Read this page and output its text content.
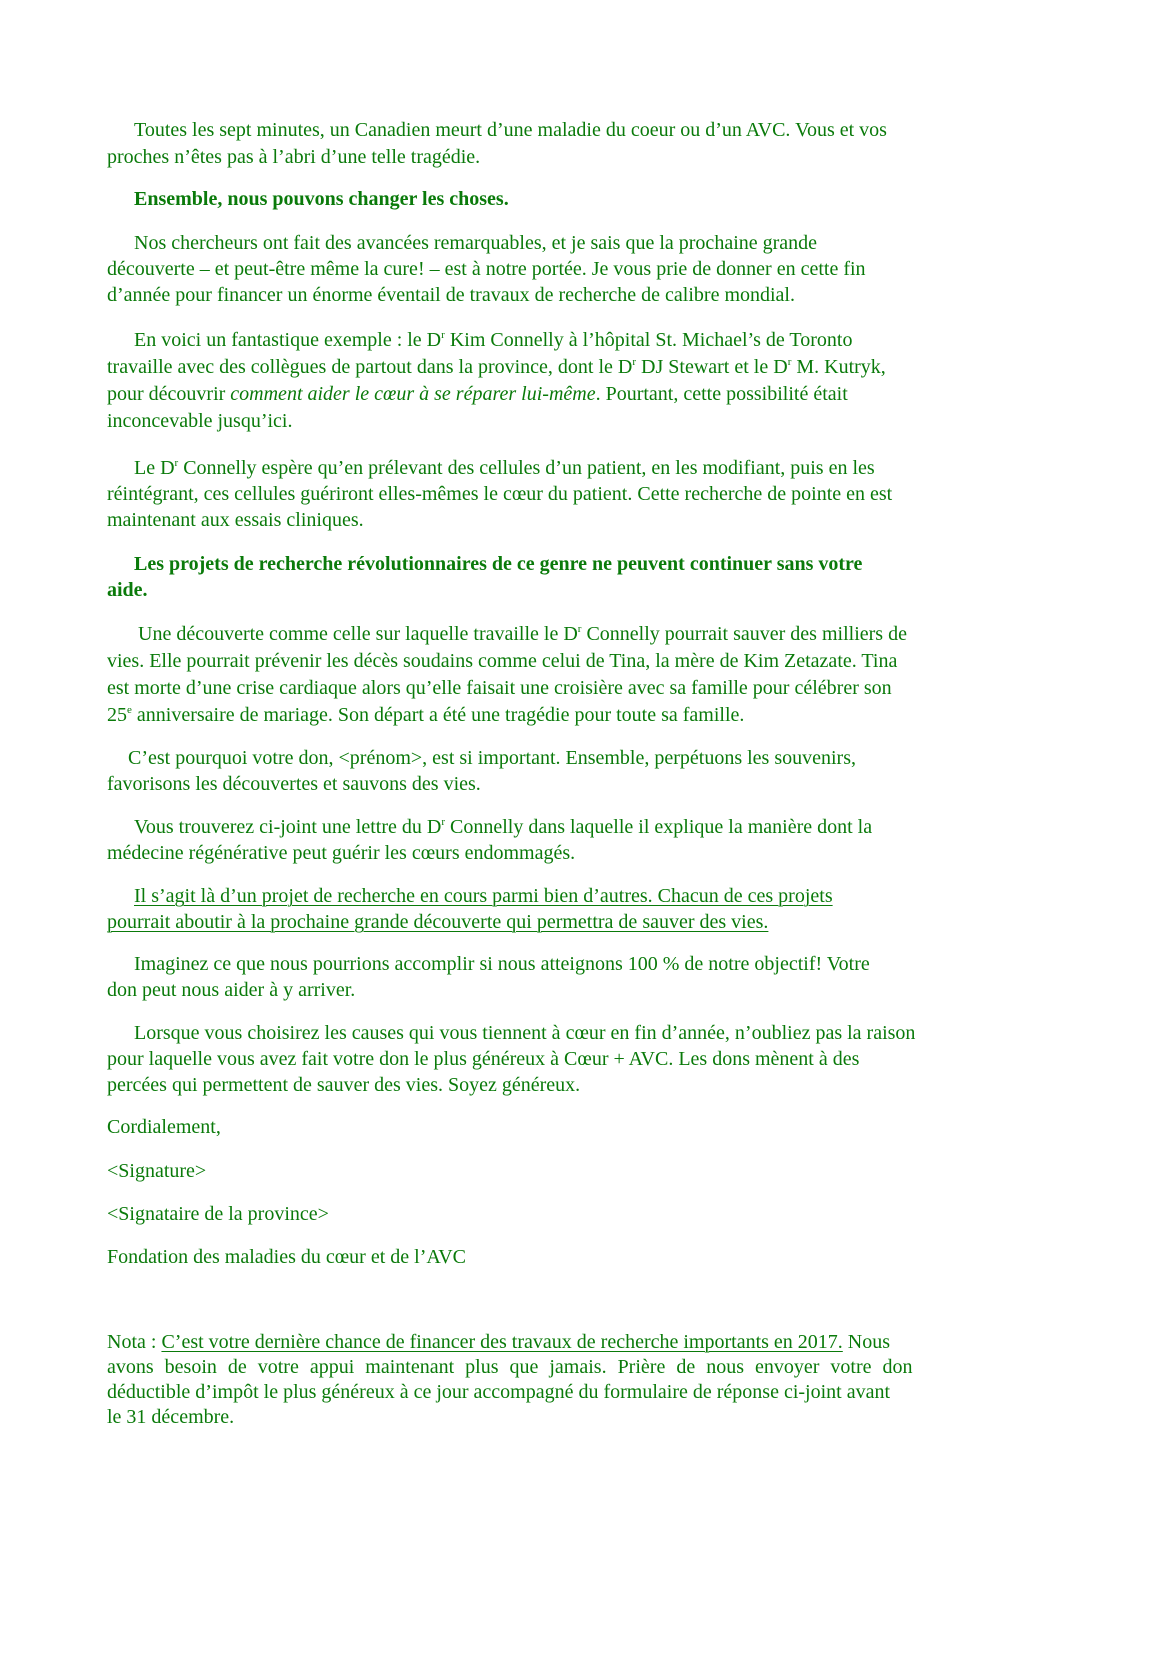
Toutes les sept minutes, un Canadien meurt d’une maladie du coeur ou d’un AVC. Vous et vos
proches n’êtes pas à l’abri d’une telle tragédie.
Ensemble, nous pouvons changer les choses.
Nos chercheurs ont fait des avancées remarquables, et je sais que la prochaine grande
découverte – et peut-être même la cure! – est à notre portée. Je vous prie de donner en cette fin
d’année pour financer un énorme éventail de travaux de recherche de calibre mondial.
En voici un fantastique exemple : le $D^r$ Kim Connelly à l’hôpital St. Michael’s de Toronto
travaille avec des collègues de partout dans la province, dont le $D^r$ DJ Stewart et le $D^r$ M. Kutryk,
pour découvrir comment aider le cœur à se réparer lui-même. Pourtant, cette possibilité était
inconcevable jusqu’ici.
Le $D^r$ Connelly espère qu’en prélevant des cellules d’un patient, en les modifiant, puis en les
réintégrant, ces cellules guériront elles-mêmes le cœur du patient. Cette recherche de pointe en est
maintenant aux essais cliniques.
Les projets de recherche révolutionnaires de ce genre ne peuvent continuer sans votre
aide.
Une découverte comme celle sur laquelle travaille le $D^r$ Connelly pourrait sauver des milliers de
vies. Elle pourrait prévenir les décès soudains comme celui de Tina, la mère de Kim Zetazate. Tina
est morte d’une crise cardiaque alors qu’elle faisait une croisière avec sa famille pour célébrer son
25e anniversaire de mariage. Son départ a été une tragédie pour toute sa famille.
C’est pourquoi votre don, <prénom>, est si important. Ensemble, perpétuons les souvenirs,
favorisons les découvertes et sauvons des vies.
Vous trouverez ci-joint une lettre du $D^r$ Connelly dans laquelle il explique la manière dont la
médecine régénérative peut guérir les cœurs endommagés.
Il s’agit là d’un projet de recherche en cours parmi bien d’autres. Chacun de ces projets
pourrait aboutir à la prochaine grande découverte qui permettra de sauver des vies.
Imaginez ce que nous pourrions accomplir si nous atteignons 100 % de notre objectif! Votre
don peut nous aider à y arriver.
Lorsque vous choisirez les causes qui vous tiennent à cœur en fin d’année, n’oubliez pas la raison
pour laquelle vous avez fait votre don le plus généreux à Cœur + AVC. Les dons mènent à des
percées qui permettent de sauver des vies. Soyez généreux.
Cordialement,
<Signature>
<Signataire de la province>
Fondation des maladies du cœur et de l’AVC
Nota : C’est votre dernière chance de financer des travaux de recherche importants en 2017. Nous
avons besoin de votre appui maintenant plus que jamais. Prière de nous envoyer votre don
déductible d’impôt le plus généreux à ce jour accompagné du formulaire de réponse ci-joint avant
le 31 décembre.
